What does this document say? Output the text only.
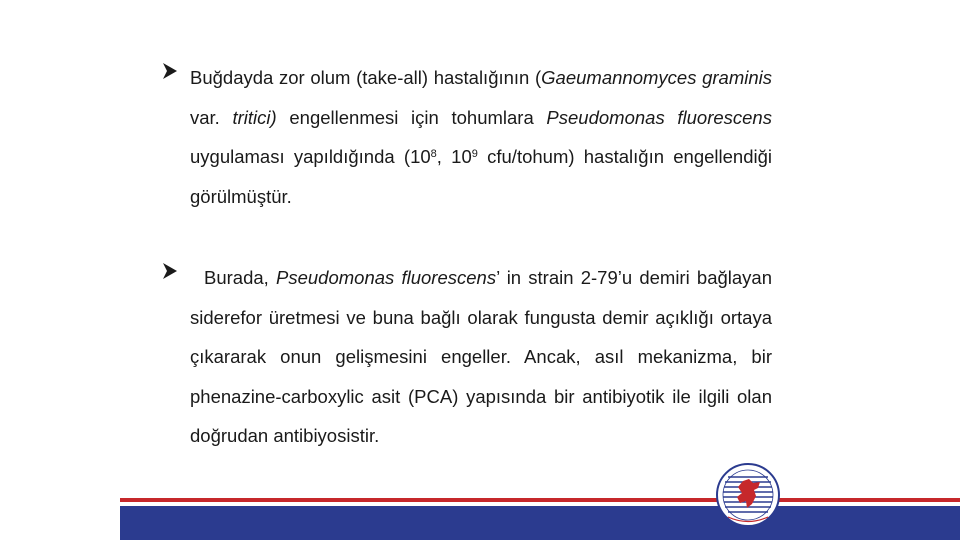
Buğdayda zor olum (take-all) hastalığının (Gaeumannomyces graminis var. tritici) engellenmesi için tohumlara Pseudomonas fluorescens uygulaması yapıldığında ($10^8$, $10^9$ cfu/tohum) hastalığın engellendiği görülmüştür.

Burada, Pseudomonas fluorescens’ in strain 2-79’u demiri bağlayan siderefor üretmesi ve buna bağlı olarak fungusta demir açıklığı ortaya çıkararak onun gelişmesini engeller. Ancak, asıl mekanizma, bir phenazine-carboxylic asit (PCA) yapısında bir antibiyotik ile ilgili olan doğrudan antibiyosistir.
